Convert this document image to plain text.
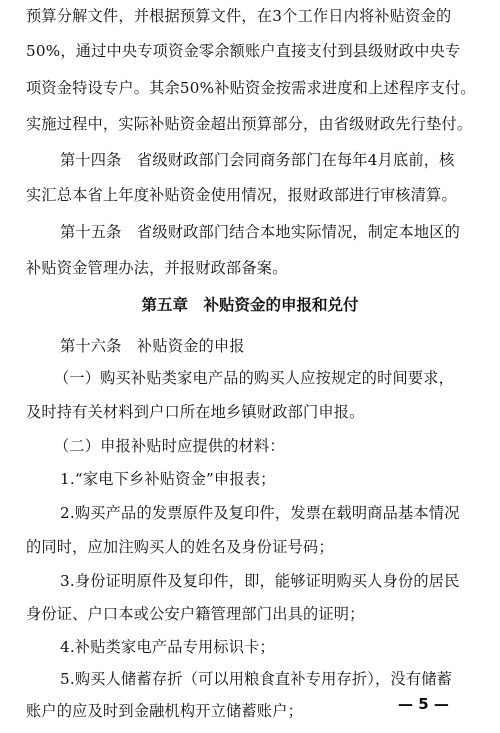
预算分解文件，并根据预算文件，在3个工作日内将补贴资金的
50%，通过中央专项资金零余额账户直接支付到县级财政中央专
项资金特设专户。其余50%补贴资金按需求进度和上述程序支付。
实施过程中，实际补贴资金超出预算部分，由省级财政先行垫付。
第十四条　省级财政部门会同商务部门在每年4月底前，核
实汇总本省上年度补贴资金使用情况，报财政部进行审核清算。
第十五条　省级财政部门结合本地实际情况，制定本地区的
补贴资金管理办法，并报财政部备案。
第五章　补贴资金的申报和兑付
第十六条　补贴资金的申报
（一）购买补贴类家电产品的购买人应按规定的时间要求，
及时持有关材料到户口所在地乡镇财政部门申报。
（二）申报补贴时应提供的材料：
1.“家电下乡补贴资金”申报表；
2.购买产品的发票原件及复印件，发票在载明商品基本情况
的同时，应加注购买人的姓名及身份证号码；
3.身份证明原件及复印件，即，能够证明购买人身份的居民
身份证、户口本或公安户籍管理部门出具的证明；
4.补贴类家电产品专用标识卡；
5.购买人储蓄存折（可以用粮食直补专用存折），没有储蓄
账户的应及时到金融机构开立储蓄账户；	— 5 —
